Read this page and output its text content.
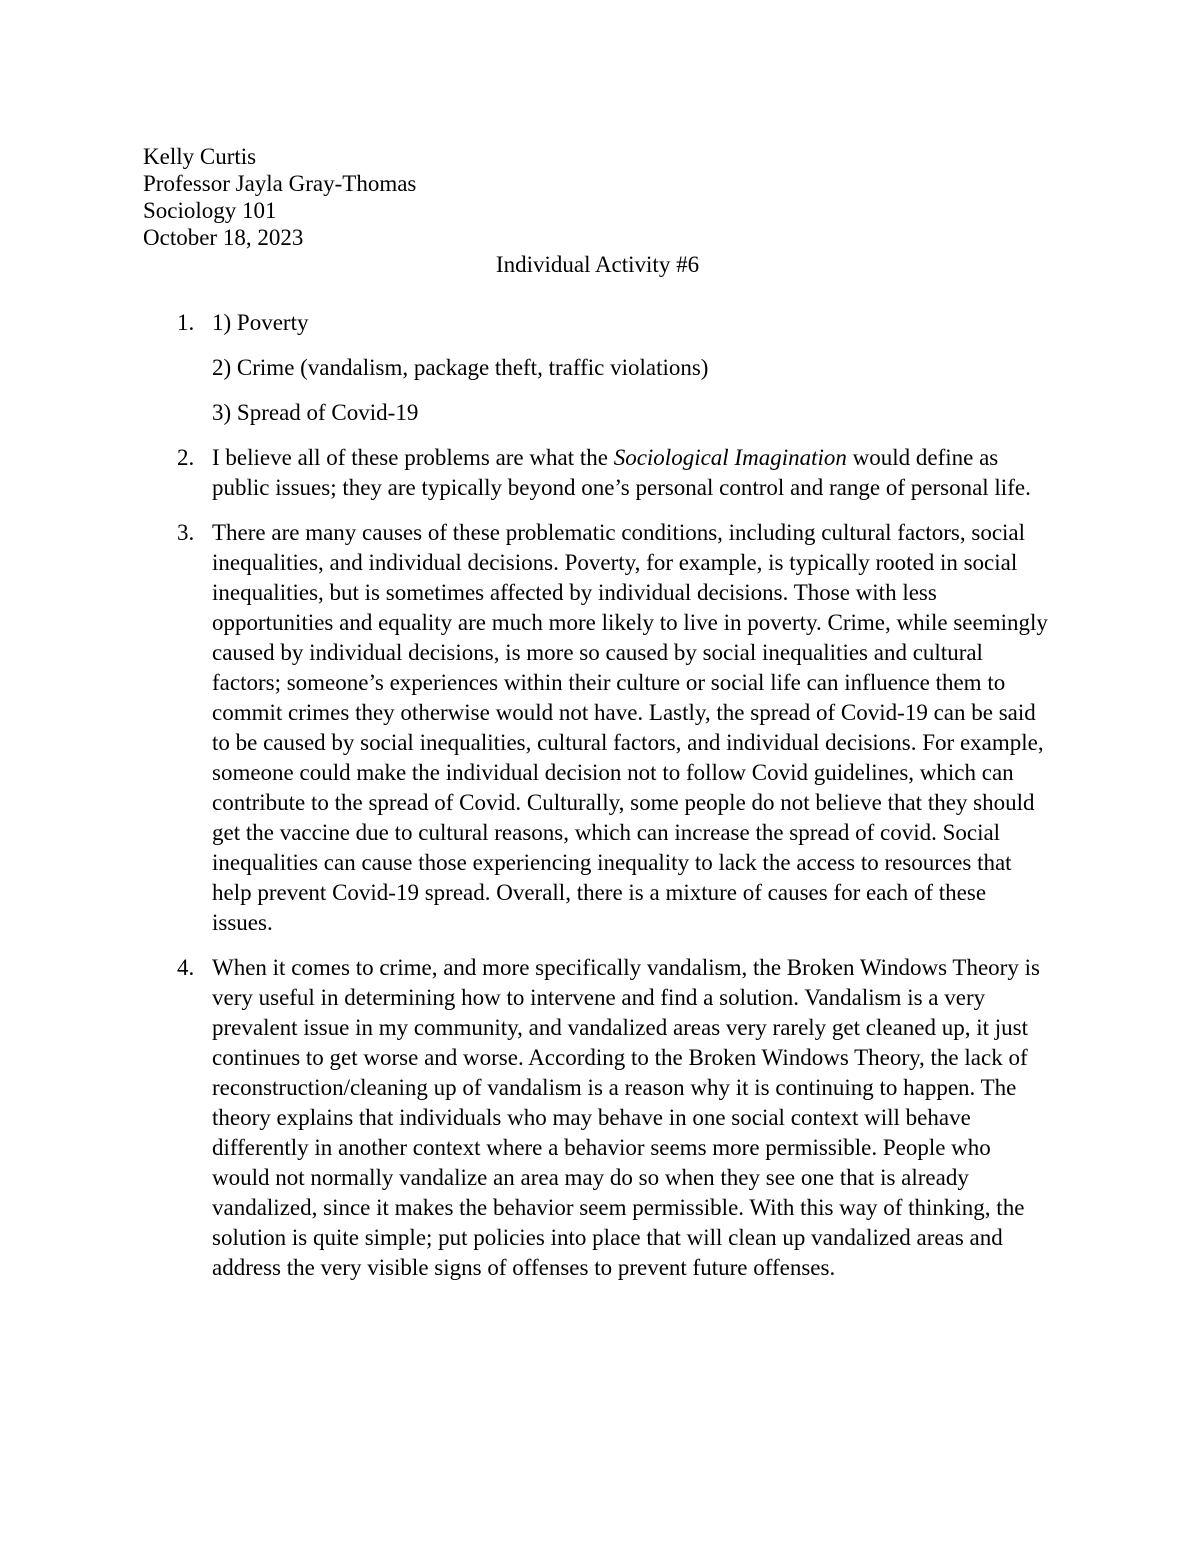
Kelly Curtis
Professor Jayla Gray-Thomas
Sociology 101
October 18, 2023
Individual Activity #6
1. 1) Poverty

2) Crime (vandalism, package theft, traffic violations)

3) Spread of Covid-19

2. I believe all of these problems are what the Sociological Imagination would define as public issues; they are typically beyond one’s personal control and range of personal life.

3. There are many causes of these problematic conditions, including cultural factors, social inequalities, and individual decisions. Poverty, for example, is typically rooted in social inequalities, but is sometimes affected by individual decisions. Those with less opportunities and equality are much more likely to live in poverty. Crime, while seemingly caused by individual decisions, is more so caused by social inequalities and cultural factors; someone’s experiences within their culture or social life can influence them to commit crimes they otherwise would not have. Lastly, the spread of Covid-19 can be said to be caused by social inequalities, cultural factors, and individual decisions. For example, someone could make the individual decision not to follow Covid guidelines, which can contribute to the spread of Covid. Culturally, some people do not believe that they should get the vaccine due to cultural reasons, which can increase the spread of covid. Social inequalities can cause those experiencing inequality to lack the access to resources that help prevent Covid-19 spread. Overall, there is a mixture of causes for each of these issues.

4. When it comes to crime, and more specifically vandalism, the Broken Windows Theory is very useful in determining how to intervene and find a solution. Vandalism is a very prevalent issue in my community, and vandalized areas very rarely get cleaned up, it just continues to get worse and worse. According to the Broken Windows Theory, the lack of reconstruction/cleaning up of vandalism is a reason why it is continuing to happen. The theory explains that individuals who may behave in one social context will behave differently in another context where a behavior seems more permissible. People who would not normally vandalize an area may do so when they see one that is already vandalized, since it makes the behavior seem permissible. With this way of thinking, the solution is quite simple; put policies into place that will clean up vandalized areas and address the very visible signs of offenses to prevent future offenses.
